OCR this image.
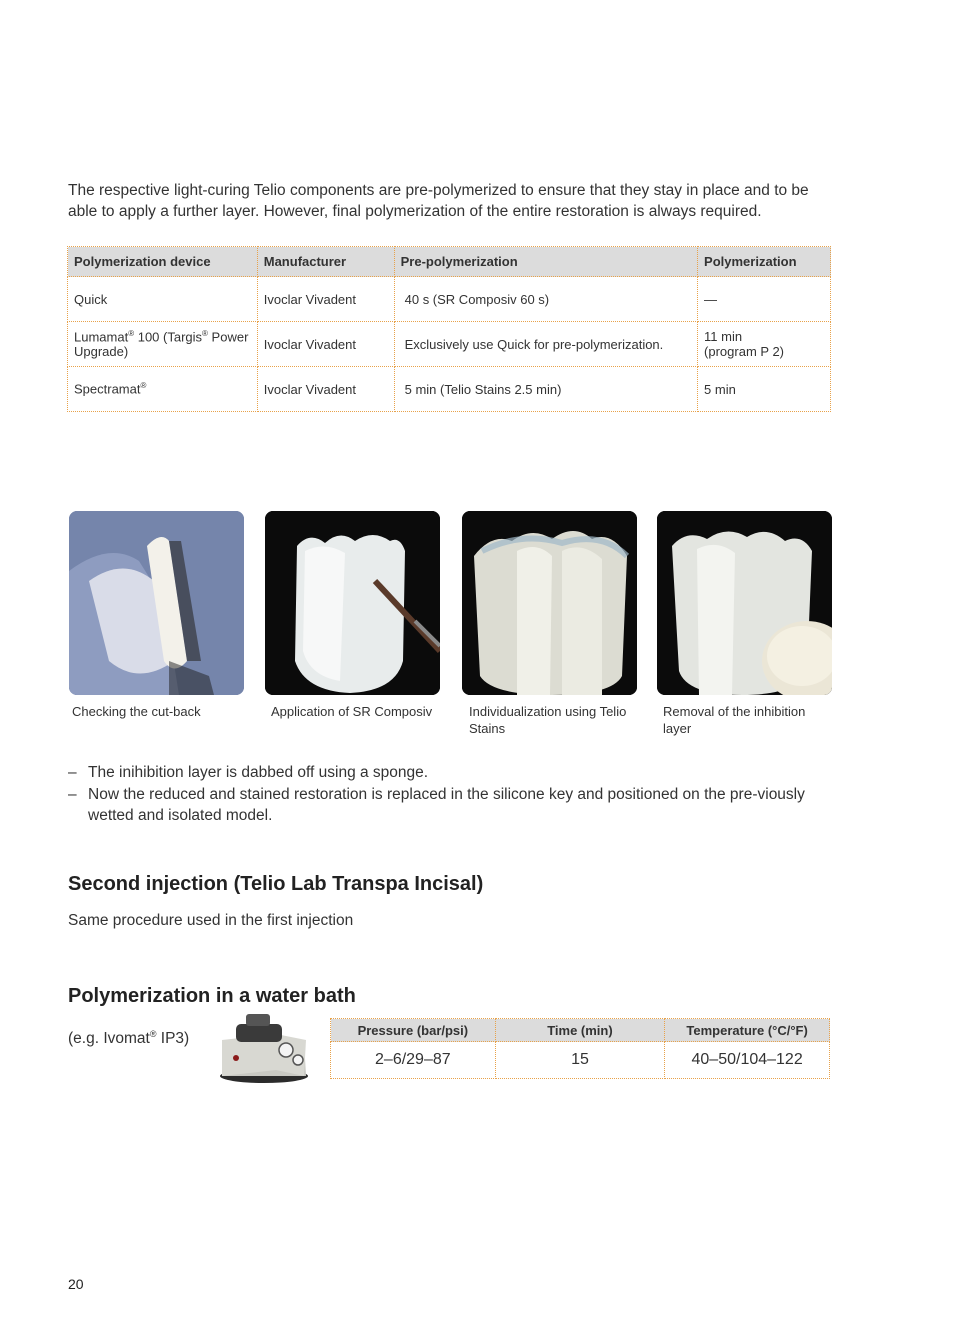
The respective light-curing Telio components are pre-polymerized to ensure that they stay in place and to be able to apply a further layer. However, final polymerization of the entire restoration is always required.
Polymerization device	Manufacturer	Pre-polymerization	Polymerization
Quick	Ivoclar Vivadent	40 s (SR Composiv 60 s)	—
Lumamat® 100 (Targis® Power Upgrade)	Ivoclar Vivadent	Exclusively use Quick for pre-polymerization.	11 min
(program P 2)

Spectramat®	Ivoclar Vivadent	5 min (Telio Stains 2.5 min)	5 min
Checking the cut-back	Application of SR Composiv	Individualization using Telio Stains
Removal of the inhibition layer
– The inihibition layer is dabbed off using a sponge.
– Now the reduced and stained restoration is replaced in the silicone key and positioned on the pre-viously wetted and isolated model.
Second injection (Telio Lab Transpa Incisal)
Same procedure used in the first injection
Polymerization in a water bath
(e.g. Ivomat® IP3)
Pressure (bar/psi)	Time (min)	Temperature (°C/°F)
2–6/29–87	15	40–50/104–122
20
